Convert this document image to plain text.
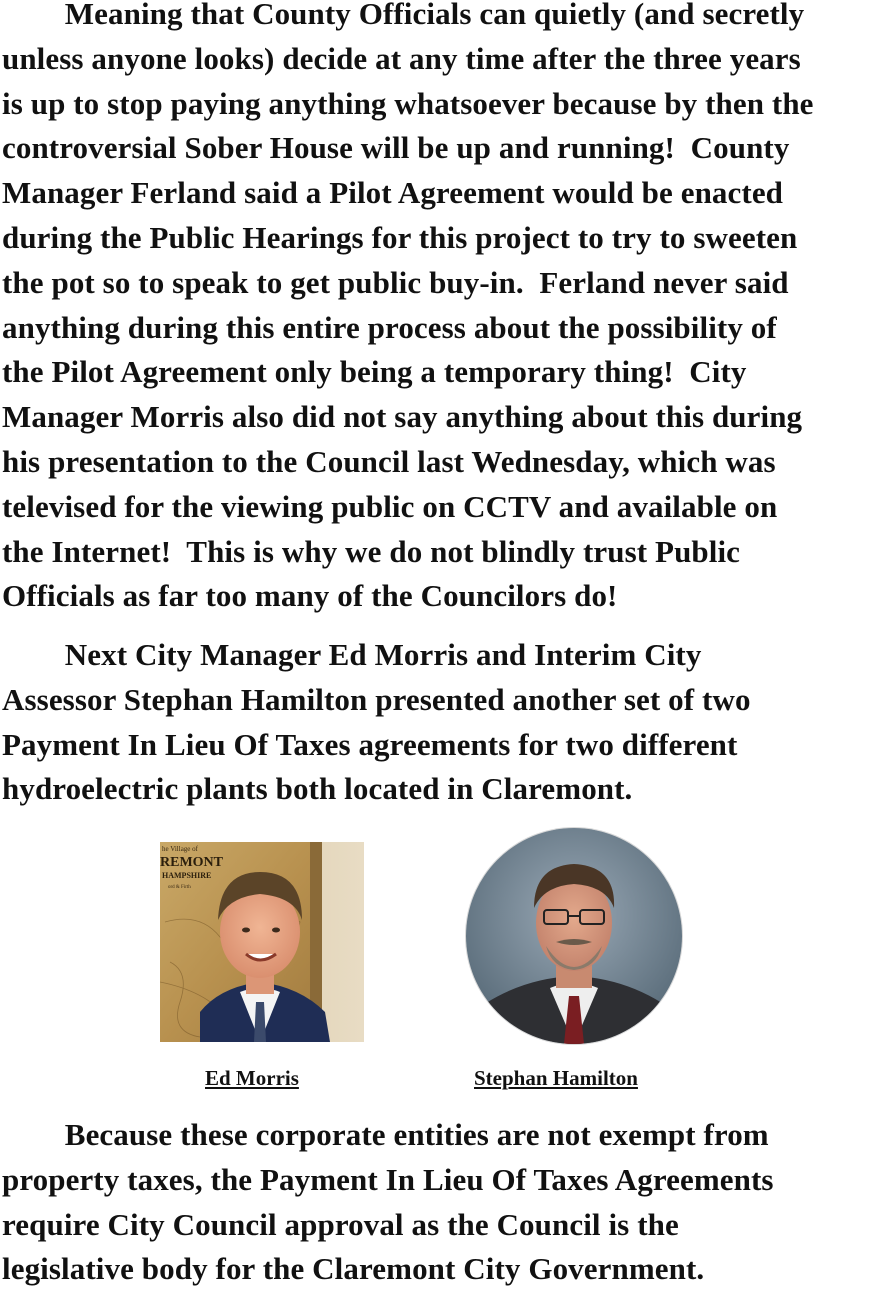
Meaning that County Officials can quietly (and secretly
unless anyone looks) decide at any time after the three years
is up to stop paying anything whatsoever because by then the
controversial Sober House will be up and running!  County
Manager Ferland said a Pilot Agreement would be enacted
during the Public Hearings for this project to try to sweeten
the pot so to speak to get public buy-in.  Ferland never said
anything during this entire process about the possibility of
the Pilot Agreement only being a temporary thing!  City
Manager Morris also did not say anything about this during
his presentation to the Council last Wednesday, which was
televised for the viewing public on CCTV and available on
the Internet!  This is why we do not blindly trust Public
Officials as far too many of the Councilors do!

Next City Manager Ed Morris and Interim City
Assessor Stephan Hamilton presented another set of two
Payment In Lieu Of Taxes agreements for two different
hydroelectric plants both located in Claremont.

he Village of
REMONT
HAMPSHIRE
ord & Firth
Ed Morris	Stephan Hamilton

Because these corporate entities are not exempt from
property taxes, the Payment In Lieu Of Taxes Agreements
require City Council approval as the Council is the
legislative body for the Claremont City Government.
